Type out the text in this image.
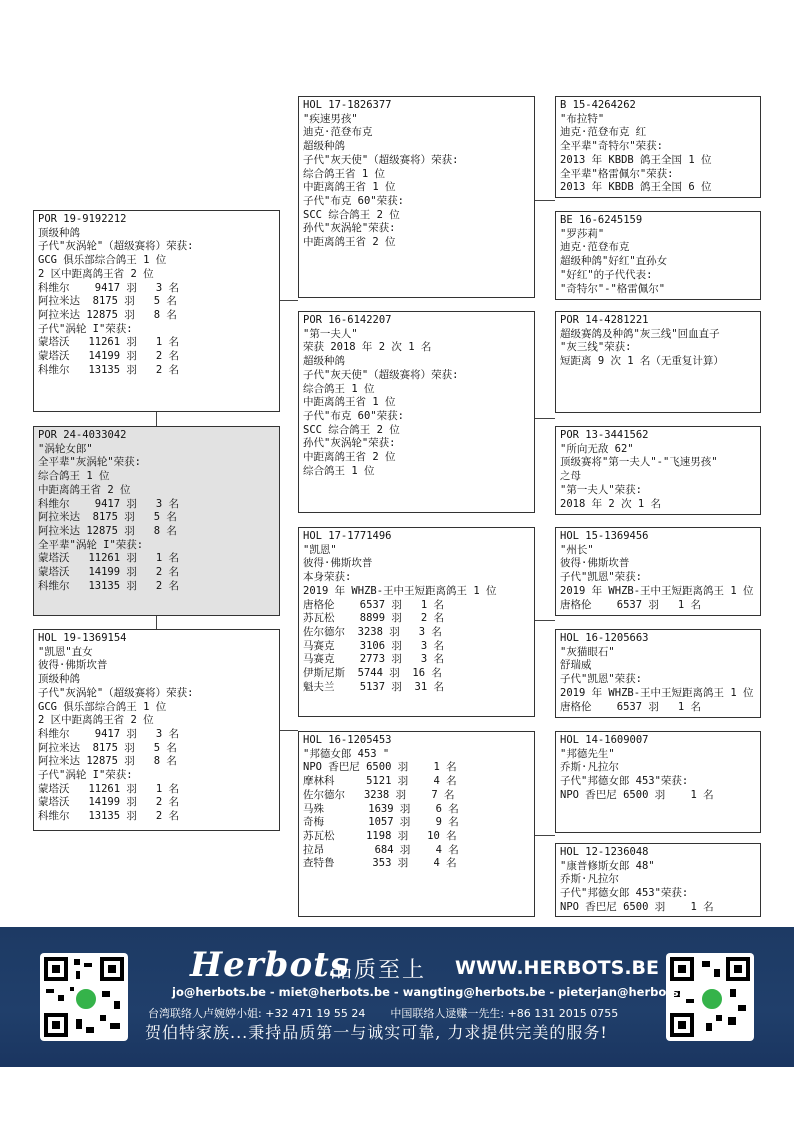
POR 19-9192212
顶级种鸽
子代"灰涡轮"（超级赛将）荣获:
GCG 俱乐部综合鸽王 1 位
2 区中距离鸽王省 2 位
科维尔    9417 羽   3 名
阿拉米达  8175 羽   5 名
阿拉米达 12875 羽   8 名
子代"涡轮 I"荣获:
蒙塔沃   11261 羽   1 名
蒙塔沃   14199 羽   2 名
科维尔   13135 羽   2 名
POR 24-4033042
"涡轮女郎"
全平辈"灰涡轮"荣获:
综合鸽王 1 位
中距离鸽王省 2 位
科维尔    9417 羽   3 名
阿拉米达  8175 羽   5 名
阿拉米达 12875 羽   8 名
全平辈"涡轮 I"荣获:
蒙塔沃   11261 羽   1 名
蒙塔沃   14199 羽   2 名
科维尔   13135 羽   2 名
HOL 19-1369154
"凯恩"直女
彼得·佛斯坎普
顶级种鸽
子代"灰涡轮"（超级赛将）荣获:
GCG 俱乐部综合鸽王 1 位
2 区中距离鸽王省 2 位
科维尔    9417 羽   3 名
阿拉米达  8175 羽   5 名
阿拉米达 12875 羽   8 名
子代"涡轮 I"荣获:
蒙塔沃   11261 羽   1 名
蒙塔沃   14199 羽   2 名
科维尔   13135 羽   2 名
HOL 17-1826377
"疾速男孩"
迪克·范登布克
超级种鸽
子代"灰天使"（超级赛将）荣获:
综合鸽王省 1 位
中距离鸽王省 1 位
子代"布克 60"荣获:
SCC 综合鸽王 2 位
孙代"灰涡轮"荣获:
中距离鸽王省 2 位
POR 16-6142207
"第一夫人"
荣获 2018 年 2 次 1 名
超级种鸽
子代"灰天使"（超级赛将）荣获:
综合鸽王 1 位
中距离鸽王省 1 位
子代"布克 60"荣获:
SCC 综合鸽王 2 位
孙代"灰涡轮"荣获:
中距离鸽王省 2 位
综合鸽王 1 位
HOL 17-1771496
"凯恩"
彼得·佛斯坎普
本身荣获:
2019 年 WHZB-王中王短距离鸽王 1 位
唐格伦    6537 羽   1 名
苏瓦松    8899 羽   2 名
佐尔德尔  3238 羽   3 名
马赛克    3106 羽   3 名
马赛克    2773 羽   3 名
伊斯尼斯  5744 羽  16 名
魁夫兰    5137 羽  31 名
HOL 16-1205453
"邦德女郎 453 "
NPO 香巴尼 6500 羽    1 名
摩林科     5121 羽    4 名
佐尔德尔   3238 羽    7 名
马殊       1639 羽    6 名
奇梅       1057 羽    9 名
苏瓦松     1198 羽   10 名
拉昂        684 羽    4 名
查特鲁      353 羽    4 名
B 15-4264262
"布拉特"
迪克·范登布克 红
全平辈"奇特尔"荣获:
2013 年 KBDB 鸽王全国 1 位
全平辈"格雷佩尔"荣获:
2013 年 KBDB 鸽王全国 6 位
BE 16-6245159
"罗莎莉"
迪克·范登布克
超级种鸽"好红"直孙女
"好红"的子代代表:
"奇特尔"-"格雷佩尔"
POR 14-4281221
超级赛鸽及种鸽"灰三线"回血直子
"灰三线"荣获:
短距离 9 次 1 名（无重复计算）
POR 13-3441562
"所向无敌 62"
顶级赛将"第一夫人"-"飞速男孩"
之母
"第一夫人"荣获:
2018 年 2 次 1 名
HOL 15-1369456
"州长"
彼得·佛斯坎普
子代"凯恩"荣获:
2019 年 WHZB-王中王短距离鸽王 1 位
唐格伦    6537 羽   1 名
HOL 16-1205663
"灰猫眼石"
舒瑞威
子代"凯恩"荣获:
2019 年 WHZB-王中王短距离鸽王 1 位
唐格伦    6537 羽   1 名
HOL 14-1609007
"邦德先生"
乔斯·凡拉尔
子代"邦德女郎 453"荣获:
NPO 香巴尼 6500 羽    1 名
HOL 12-1236048
"康普修斯女郎 48"
乔斯·凡拉尔
子代"邦德女郎 453"荣获:
NPO 香巴尼 6500 羽    1 名
Herbots
品质至上 WWW.HERBOTS.BE
jo@herbots.be - miet@herbots.be - wangting@herbots.be - pieterjan@herbots.be
台湾联络人卢婉婷小姐: +32 471 19 55 24 中国联络人逯赚一先生: +86 131 2015 0755
贺伯特家族...秉持品质第一与诚实可靠, 力求提供完美的服务!
